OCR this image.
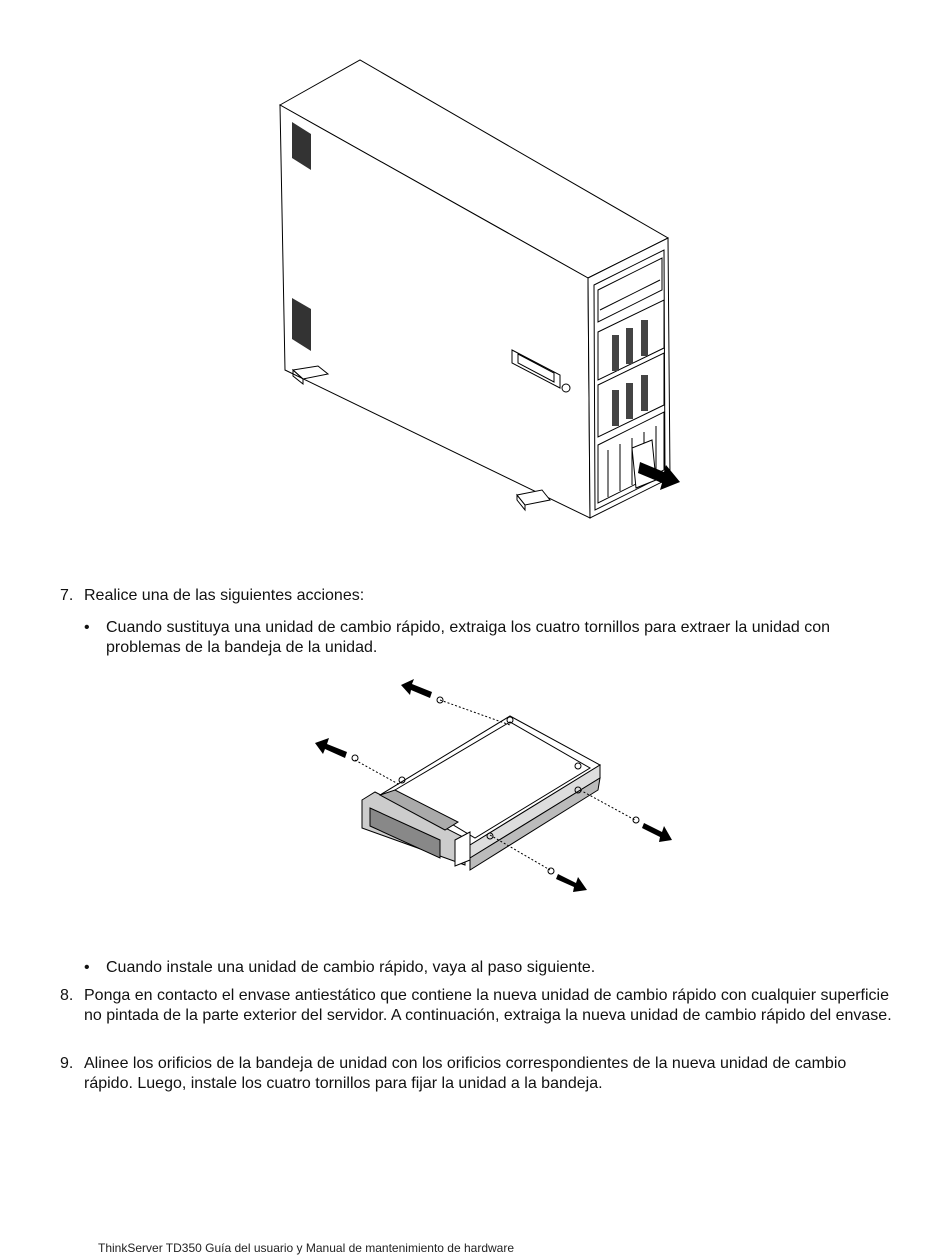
7. Realice una de las siguientes acciones:
•	Cuando sustituya una unidad de cambio rápido, extraiga los cuatro tornillos para extraer la unidad con problemas de la bandeja de la unidad.
•	Cuando instale una unidad de cambio rápido, vaya al paso siguiente.
8. Ponga en contacto el envase antiestático que contiene la nueva unidad de cambio rápido con cualquier superficie no pintada de la parte exterior del servidor. A continuación, extraiga la nueva unidad de cambio rápido del envase.
9. Alinee los orificios de la bandeja de unidad con los orificios correspondientes de la nueva unidad de cambio rápido. Luego, instale los cuatro tornillos para fijar la unidad a la bandeja.
ThinkServer TD350 Guía del usuario y Manual de mantenimiento de hardware
